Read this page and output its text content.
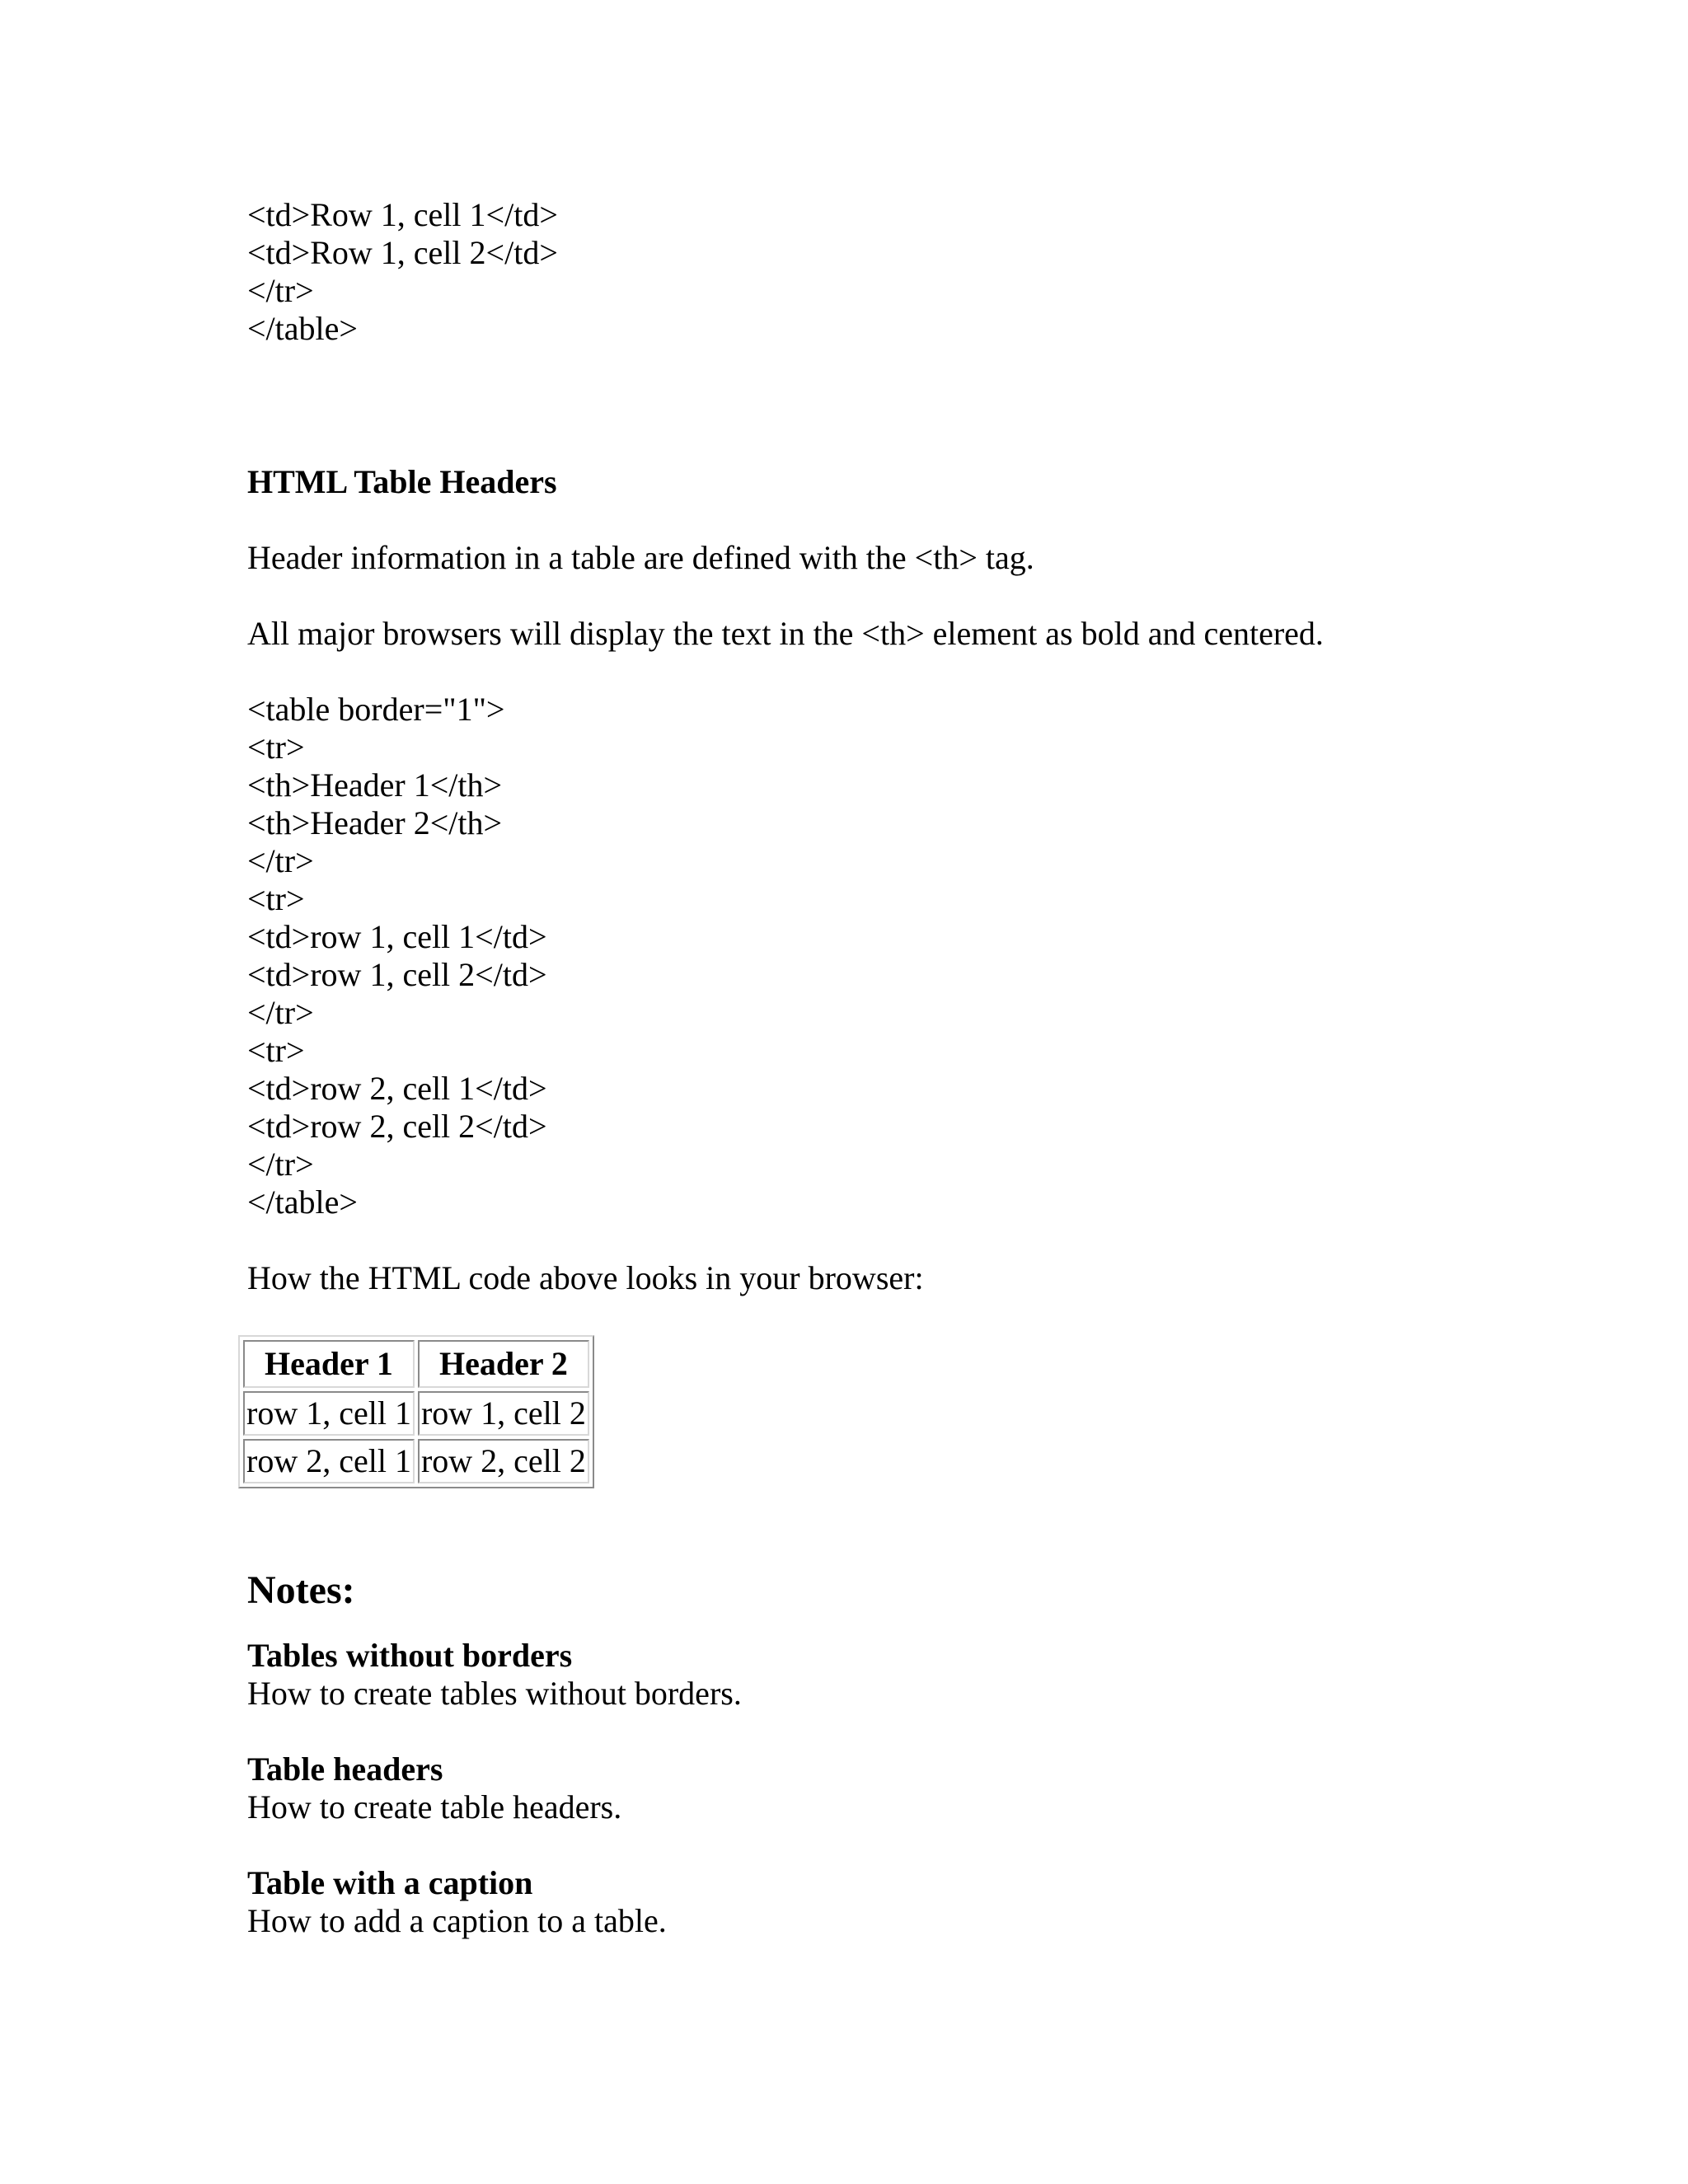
<td>Row 1, cell 1</td>
<td>Row 1, cell 2</td>
</tr>
</table>
HTML Table Headers
Header information in a table are defined with the <th> tag.
All major browsers will display the text in the <th> element as bold and centered.
<table border="1">
<tr>
<th>Header 1</th>
<th>Header 2</th>
</tr>
<tr>
<td>row 1, cell 1</td>
<td>row 1, cell 2</td>
</tr>
<tr>
<td>row 2, cell 1</td>
<td>row 2, cell 2</td>
</tr>
</table>
How the HTML code above looks in your browser:
Header 1	Header 2
row 1, cell 1	row 1, cell 2
row 2, cell 1	row 2, cell 2
Notes:
Tables without borders
How to create tables without borders.
Table headers
How to create table headers.
Table with a caption
How to add a caption to a table.
